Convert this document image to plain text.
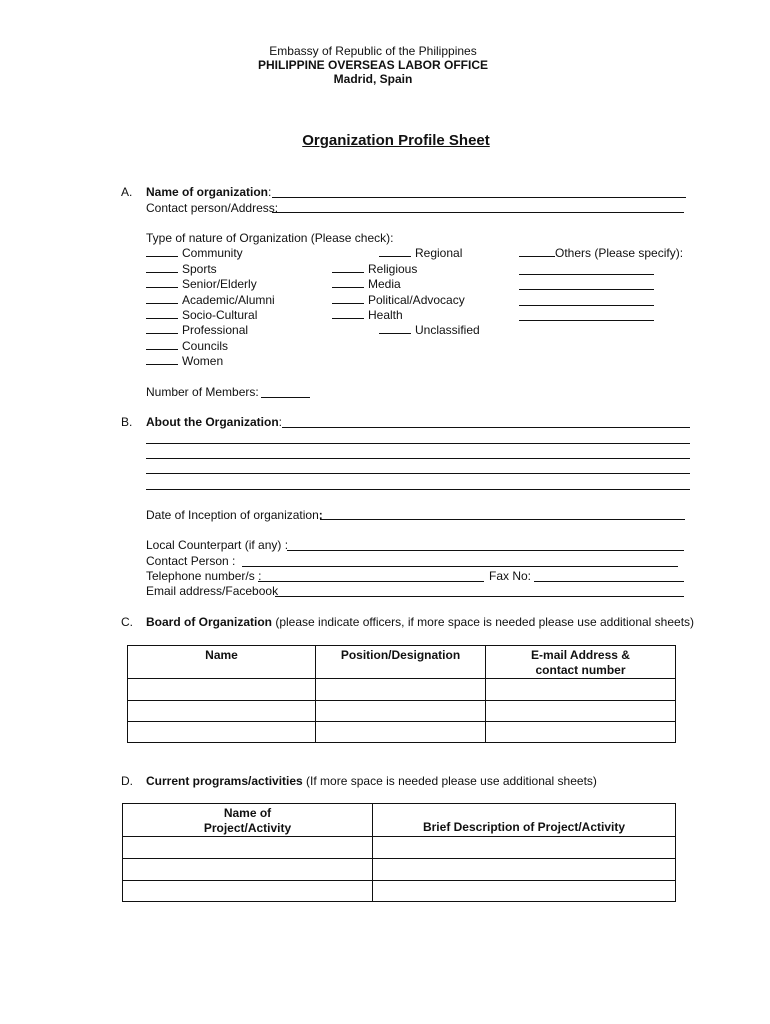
Embassy of Republic of the Philippines
PHILIPPINE OVERSEAS LABOR OFFICE
Madrid, Spain
Organization Profile Sheet
A. Name of organization:
Contact person/Address:
Type of nature of Organization (Please check):
Community
Sports
Senior/Elderly
Academic/Alumni
Socio-Cultural
Professional
Councils
Women
Regional
Religious
Media
Political/Advocacy
Health
Unclassified
Others (Please specify):
Number of Members:
B. About the Organization:
Date of Inception of organization:
Local Counterpart (if any) :
Contact Person :
Telephone number/s :	Fax No:
Email address/Facebook
C. Board of Organization (please indicate officers, if more space is needed please use additional sheets)
Name	Position/Designation	E-mail Address &
contact number

D. Current programs/activities (If more space is needed please use additional sheets)
Name of
Project/Activity	Brief Description of Project/Activity
